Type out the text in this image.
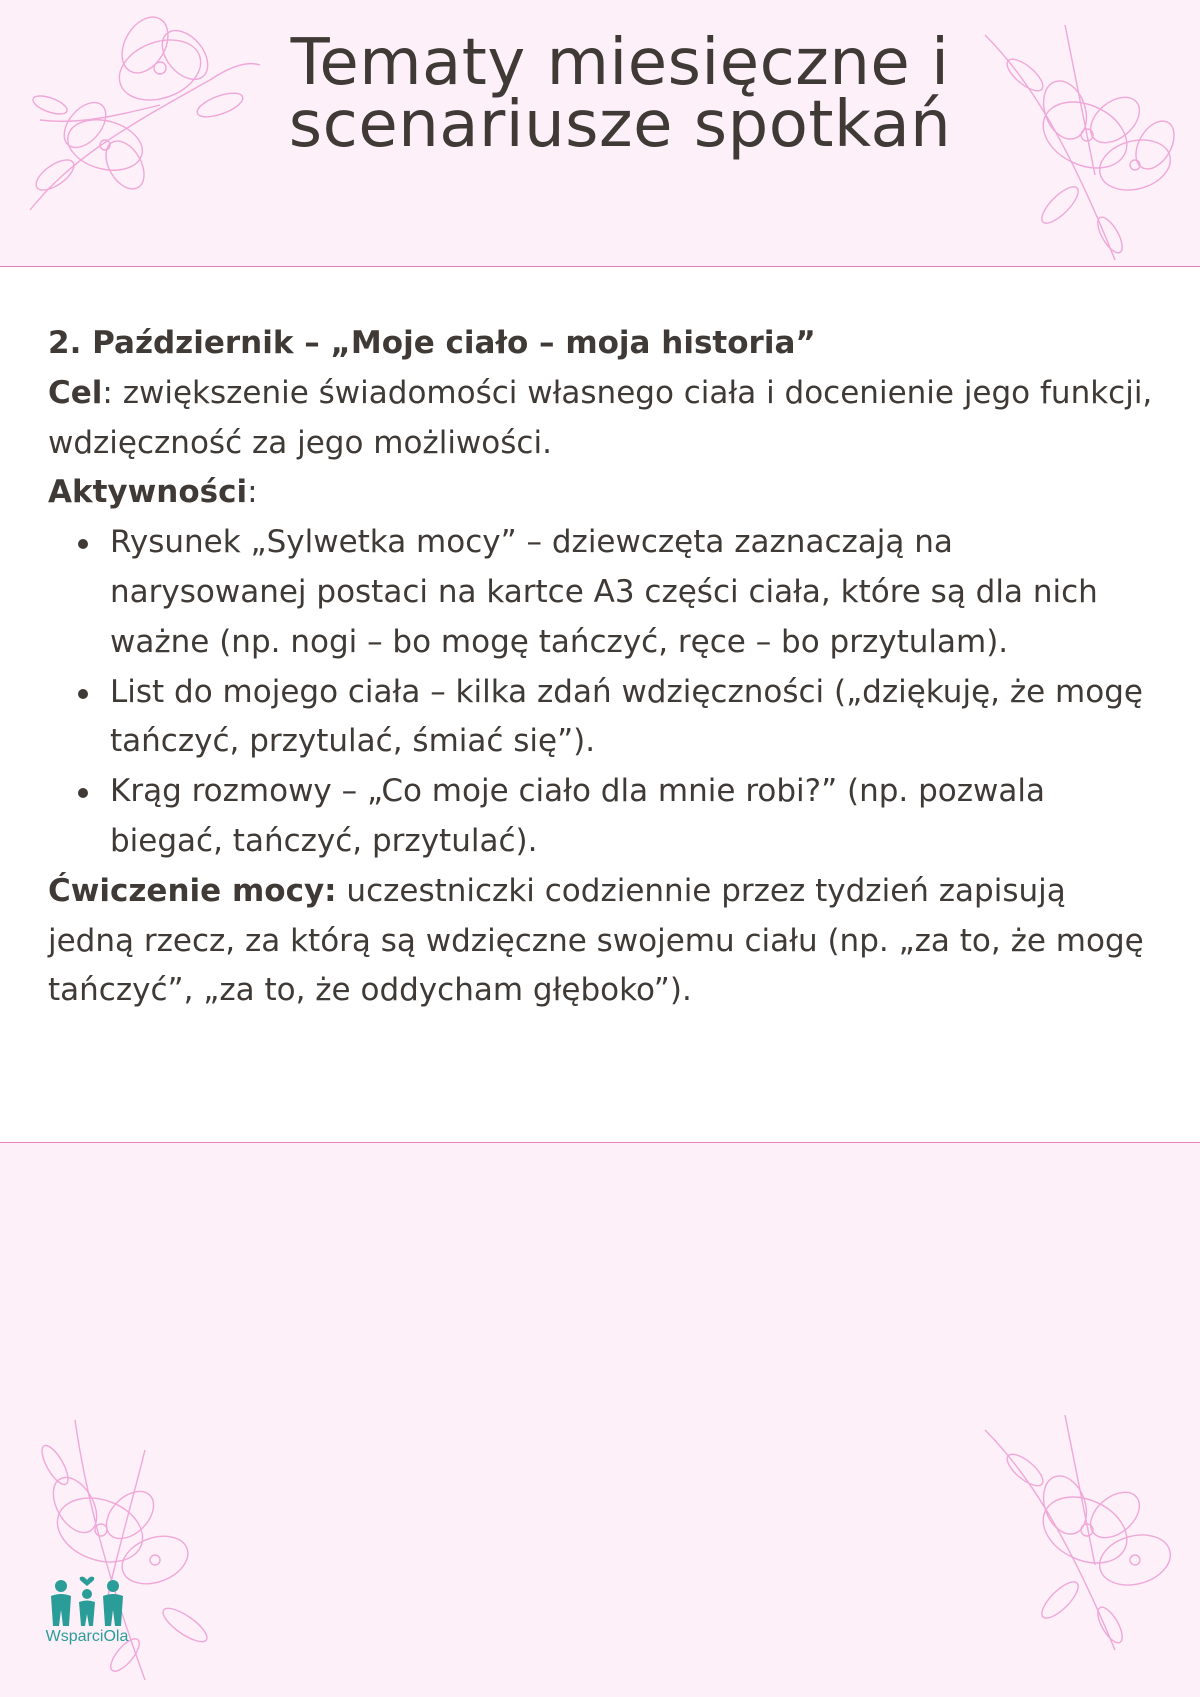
Tematy miesięczne i
scenariusze spotkań

2. Październik – „Moje ciało – moja historia”

Cel: zwiększenie świadomości własnego ciała i docenienie jego funkcji, wdzięczność za jego możliwości.

Aktywności:

Rysunek „Sylwetka mocy” – dziewczęta zaznaczają na narysowanej postaci na kartce A3 części ciała, które są dla nich ważne (np. nogi – bo mogę tańczyć, ręce – bo przytulam).
List do mojego ciała – kilka zdań wdzięczności („dziękuję, że mogę tańczyć, przytulać, śmiać się”).
Krąg rozmowy – „Co moje ciało dla mnie robi?” (np. pozwala biegać, tańczyć, przytulać).

Ćwiczenie mocy: uczestniczki codziennie przez tydzień zapisują jedną rzecz, za którą są wdzięczne swojemu ciału (np. „za to, że mogę tańczyć”, „za to, że oddycham głęboko”).

WsparciOla
